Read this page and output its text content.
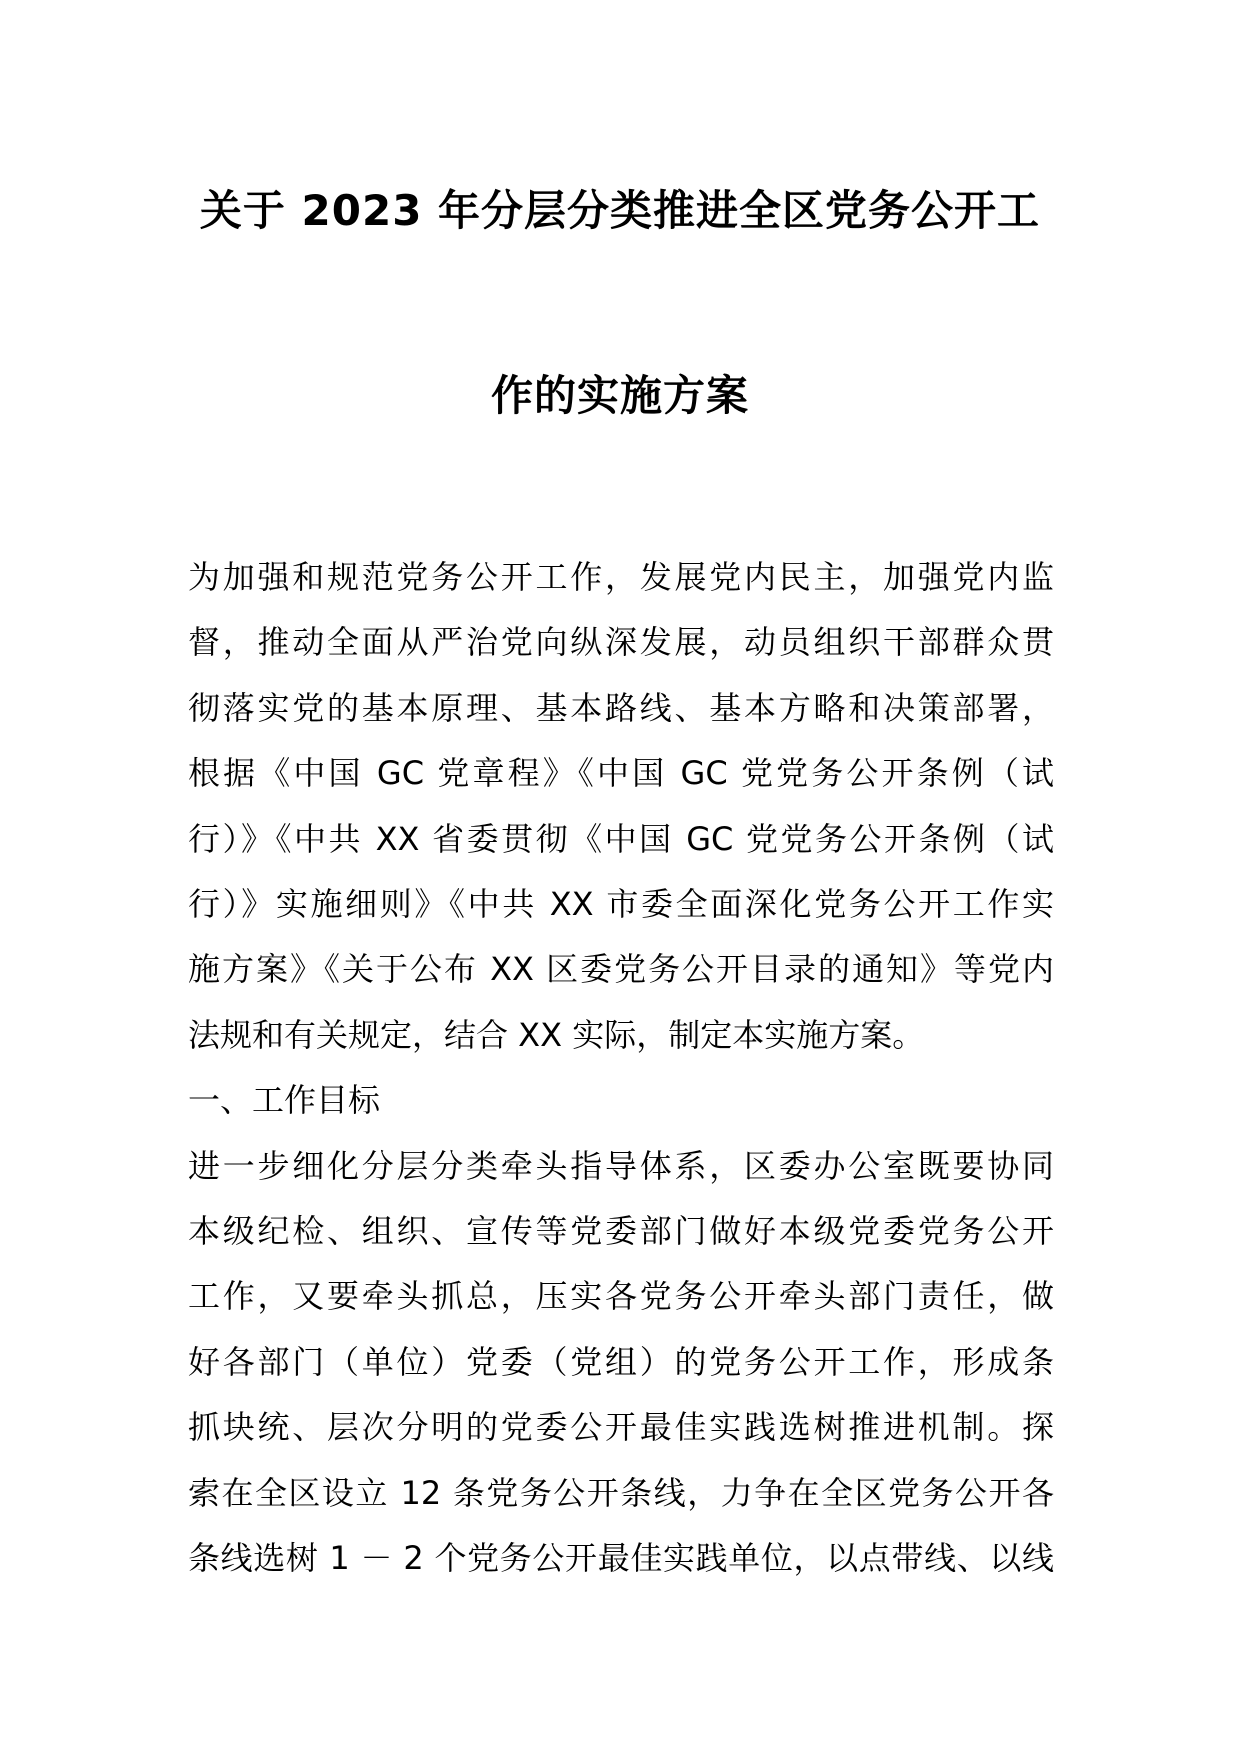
关于 2023 年分层分类推进全区党务公开工
作的实施方案
为加强和规范党务公开工作，发展党内民主，加强党内监
督，推动全面从严治党向纵深发展，动员组织干部群众贯
彻落实党的基本原理、基本路线、基本方略和决策部署，
根据《中国 GC 党章程》《中国 GC 党党务公开条例（试
行）》《中共 XX 省委贯彻《中国 GC 党党务公开条例（试
行）》实施细则》《中共 XX 市委全面深化党务公开工作实
施方案》《关于公布 XX 区委党务公开目录的通知》等党内
法规和有关规定，结合 XX 实际，制定本实施方案。
一、工作目标
进一步细化分层分类牵头指导体系，区委办公室既要协同
本级纪检、组织、宣传等党委部门做好本级党委党务公开
工作，又要牵头抓总，压实各党务公开牵头部门责任，做
好各部门（单位）党委（党组）的党务公开工作，形成条
抓块统、层次分明的党委公开最佳实践选树推进机制。探
索在全区设立 12 条党务公开条线，力争在全区党务公开各
条线选树 1 － 2 个党务公开最佳实践单位，以点带线、以线
